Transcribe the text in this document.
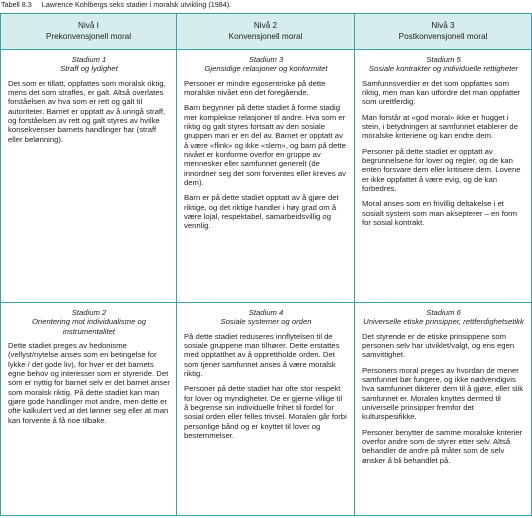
Tabell 8.3 Lawrence Kohlbergs seks stadier i moralsk utvikling (1984).
Nivå I
Prekonvensjonell moral
Nivå 2
Konvensjonell moral
Nivå 3
Postkonvensjonell moral
Stadium 1
Straff og lydighet

Det som er tillatt, oppfattes som moralsk riktig, mens det som straffes, er galt. Altså overlates forståelsen av hva som er rett og galt til autoriteter. Barnet er opptatt av å unngå straff, og forståelsen av rett og galt styres av hvilke konsekvenser barnets handlinger har (straff eller belønning).

Stadium 3
Gjensidige relasjoner og konformitet

Personer er mindre egosentriske på dette moralske nivået enn det foregående.

Barn begynner på dette stadiet å forme stadig mer komplekse relasjoner til andre. Hva som er riktig og galt styres fortsatt av den sosiale gruppen man er en del av. Barnet er opptatt av å være «flink» og ikke «slem», og barn på dette nivået er konforme overfor en gruppe av mennesker eller samfunnet generelt (de innordner seg det som forventes eller kreves av dem).

Barn er på dette stadiet opptatt av å gjøre det riktige, og det riktige handler i høy grad om å være lojal, respektabel, samarbeidsvillig og vennlig.

Stadium 5
Sosiale kontrakter og individuelle rettigheter

Samfunnsverdier er det som oppfattes som riktig, men man kan utfordre det man oppfatter som urettferdig.

Man forstår at «god moral» ikke er hugget i stein, i betydningen at samfunnet etablerer de moralske kriteriene og kan endre dem.

Personer på dette stadiet er opptatt av begrunnelsene for lover og regler, og de kan enten forsvare dem eller kritisere dem. Lovene er ikke oppfattet å være evig, og de kan forbedres.

Moral anses som en frivillig deltakelse i et sosialt system som man aksepterer – en form for sosial kontrakt.

Stadium 2
Orientering mot individualisme og instrumentalitet

Dette stadiet preges av hedonisme (vellyst/nytelse anses som en betingelse for lykke / det gode liv), for hver er det barnets egne behov og interesser som er styrende. Det som er nyttig for barnet selv er det barnet anser som moralsk riktig. På dette stadiet kan man gjøre gode handlinger mot andre, men dette er ofte kalkulert ved at det lønner seg eller at man kan forvente å få noe tilbake.

Stadium 4
Sosiale systemer og orden

På dette stadiet reduseres innflytelsen til de sosiale gruppene man tilhører. Dette erstattes med opptatthet av å opprettholde orden. Det som tjener samfunnet anses å være moralsk riktig.

Personer på dette stadiet har ofte stor respekt for lover og myndigheter. De er gjerne villige til å begrense sin individuelle frihet til fordel for sosial orden eller felles trivsel. Moralen går forbi personlige bånd og er knyttet til lover og bestemmelser.

Stadium 6
Universelle etiske prinsipper, rettferdighetsetikk

Det styrende er de etiske prinsippene som personen selv har utviklet/valgt, og ens egen samvittighet.

Personers moral preges av hvordan de mener samfunnet bør fungere, og ikke nødvendigvis hva samfunnet dikterer dem til å gjøre, eller slik samfunnet er. Moralen knyttes dermed til universelle prinsipper fremfor det kulturspesifikke.

Personer benytter de samme moralske kriterier overfor andre som de styrer etter selv. Altså behandler de andre på måter som de selv ønsker å bli behandlet på.
